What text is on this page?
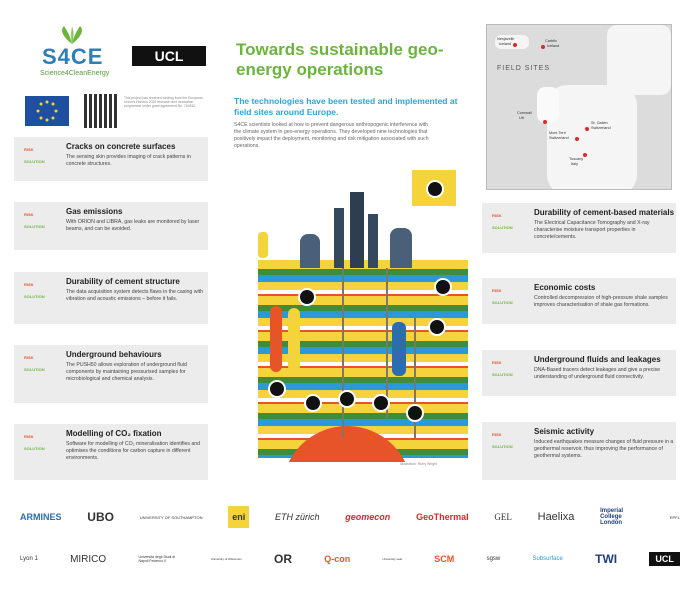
S4CE
Science4CleanEnergy
UCL
This project has received funding from the European Union's Horizon 2020 research and innovation programme under grant agreement No. 764810.
Towards sustainable geo-energy operations
The technologies have been tested and implemented at field sites around Europe.
S4CE scientists looked at how to prevent dangerous anthropogenic interference with the climate system in geo-energy operations. They developed nine technologies that positively impact the deployment, monitoring and risk mitigation associated with such operations.
FIELD SITES
Nesjavellir
Iceland
Carbfix
Iceland
Cornwall
UK
Mont Terri
Switzerland
St. Gallen
Switzerland
Tuscany
Italy
RISK
SOLUTION
Cracks on concrete surfaces
The sensing skin provides imaging of crack patterns in concrete structures.
RISK
SOLUTION
Gas emissions
With ORION and LIBRA, gas leaks are monitored by laser beams, and can be avoided.
RISK
SOLUTION
Durability of cement structure
The data acquisition system detects flaws in the casing with vibration and acoustic emissions – before it fails.
RISK
SOLUTION
Underground behaviours
The PUSH50 allows exploration of underground fluid components by maintaining pressurised samples for microbiological and chemical analysis.
RISK
SOLUTION
Modelling of CO₂ fixation
Software for modelling of CO₂ mineralisation identifies and optimises the conditions for carbon capture in different environments.
RISK
SOLUTION
Durability of cement-based materials
The Electrical Capacitance Tomography and X-ray characterise moisture transport properties in concrete/cements.
RISK
SOLUTION
Economic costs
Controlled decompression of high-pressure shale samples improves characterisation of shale gas formations.
RISK
SOLUTION
Underground fluids and leakages
DNA-Based tracers detect leakages and give a precise understanding of underground fluid connectivity.
RISK
SOLUTION
Seismic activity
Induced earthquakes measure changes of fluid pressure in a geothermal reservoir, thus improving the performance of geothermal systems.
Illustration: Ruby Wright
ARMINES UBO	UNIVERSITY OF SOUTHAMPTON	eni	ETH zürich	geomecon	GeoThermal	GEL Haelixa	Imperial College London
EPFL
Lyon 1	MIRICO	Università degli Studi di Napoli Federico II	University of Wisconsin	OR	Q-con	University seal	SCM	sgsw	Subsurface	TWI	UCL
